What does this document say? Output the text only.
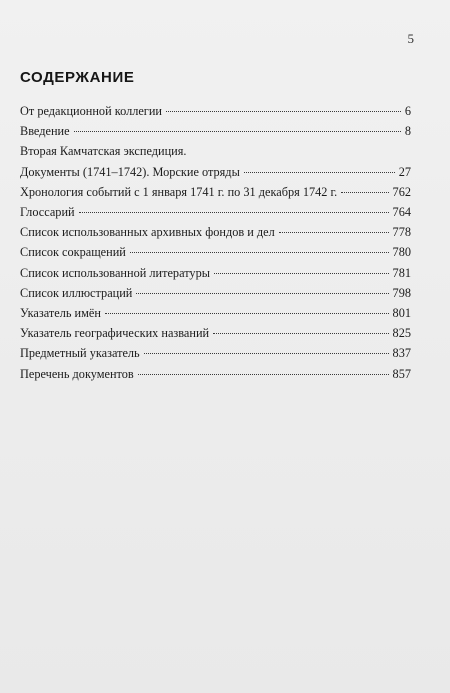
5
СОДЕРЖАНИЕ
От редакционной коллегии	6
Введение	8
Вторая Камчатская экспедиция.
Документы (1741–1742). Морские отряды	27
Хронология событий с 1 января 1741 г. по 31 декабря 1742 г.	762
Глоссарий	764
Список использованных архивных фондов и дел	778
Список сокращений	780
Список использованной литературы	781
Список иллюстраций	798
Указатель имён	801
Указатель географических названий	825
Предметный указатель	837
Перечень документов	857
